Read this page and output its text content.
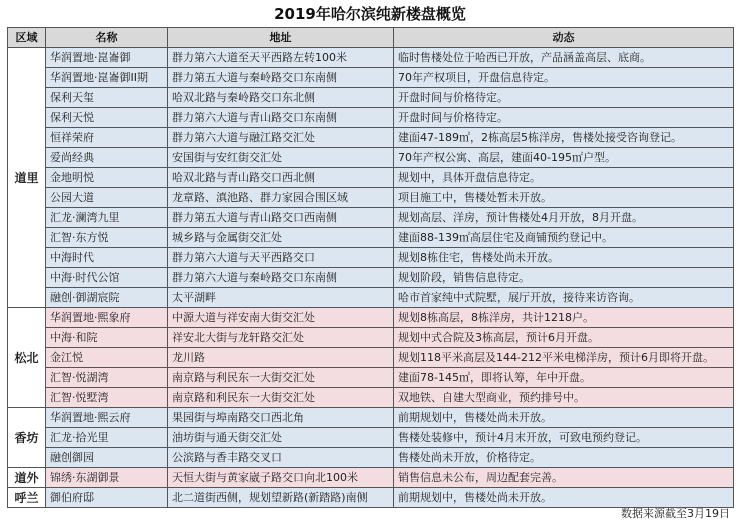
2019年哈尔滨纯新楼盘概览
区域	名称	地址	动态
道里	华润置地·崑崙御	群力第六大道至天平西路左转100米	临时售楼处位于哈西已开放，产品涵盖高层、底商。
	华润置地·崑崙御II期	群力第五大道与秦岭路交口东南侧	70年产权项目，开盘信息待定。
	保利天玺	哈双北路与秦岭路交口东北侧	开盘时间与价格待定。
	保利天悦	群力第六大道与青山路交口东南侧	开盘时间与价格待定。
	恒祥荣府	群力第六大道与融江路交汇处	建面47-189㎡，2栋高层5栋洋房，售楼处接受咨询登记。
	爱尚经典	安国街与安红街交汇处	70年产权公寓、高层，建面40-195㎡户型。
	金地明悦	哈双北路与青山路交口西北侧	规划中，具体开盘信息待定。
	公园大道	龙章路、滇池路、群力家园合围区域	项目施工中，售楼处暂未开放。
	汇龙·澜湾九里	群力第五大道与青山路交口西南侧	规划高层、洋房，预计售楼处4月开放，8月开盘。
	汇智·东方悦	城乡路与金属街交汇处	建面88-139㎡高层住宅及商铺预约登记中。
	中海时代	群力第六大道与天平西路交口	规划8栋住宅，售楼处尚未开放。
	中海·时代公馆	群力第六大道与秦岭路交口东南侧	规划阶段，销售信息待定。
	融创·御湖宸院	太平湖畔	哈市首家纯中式院墅，展厅开放，接待来访咨询。
松北	华润置地·熙象府	中源大道与祥安南大街交汇处	规划8栋高层，8栋洋房，共计1218户。
	中海·和院	祥安北大街与龙轩路交汇处	规划中式合院及3栋高层，预计6月开盘。
	金江悦	龙川路	规划118平米高层及144-212平米电梯洋房，预计6月即将开盘。
	汇智·悦湖湾	南京路与利民东一大街交汇处	建面78-145㎡，即将认筹，年中开盘。
	汇智·悦墅湾	南京路和利民东一大街交汇处	双地铁、自建大型商业，预约排号中。
香坊	华润置地·熙云府	果园街与埠南路交口西北角	前期规划中，售楼处尚未开放。
	汇龙·拾光里	油坊街与通天街交汇处	售楼处装修中，预计4月末开放，可致电预约登记。
	融创御园	公滨路与香丰路交叉口	售楼处尚未开放，价格待定。
道外	锦绣·东湖御景	天恒大街与黄家崴子路交口向北100米	销售信息未公布，周边配套完善。
呼兰	御伯府邸	北二道街西侧，规划望新路(新踏路)南侧	前期规划中，售楼处尚未开放。
数据来源截至3月19日
